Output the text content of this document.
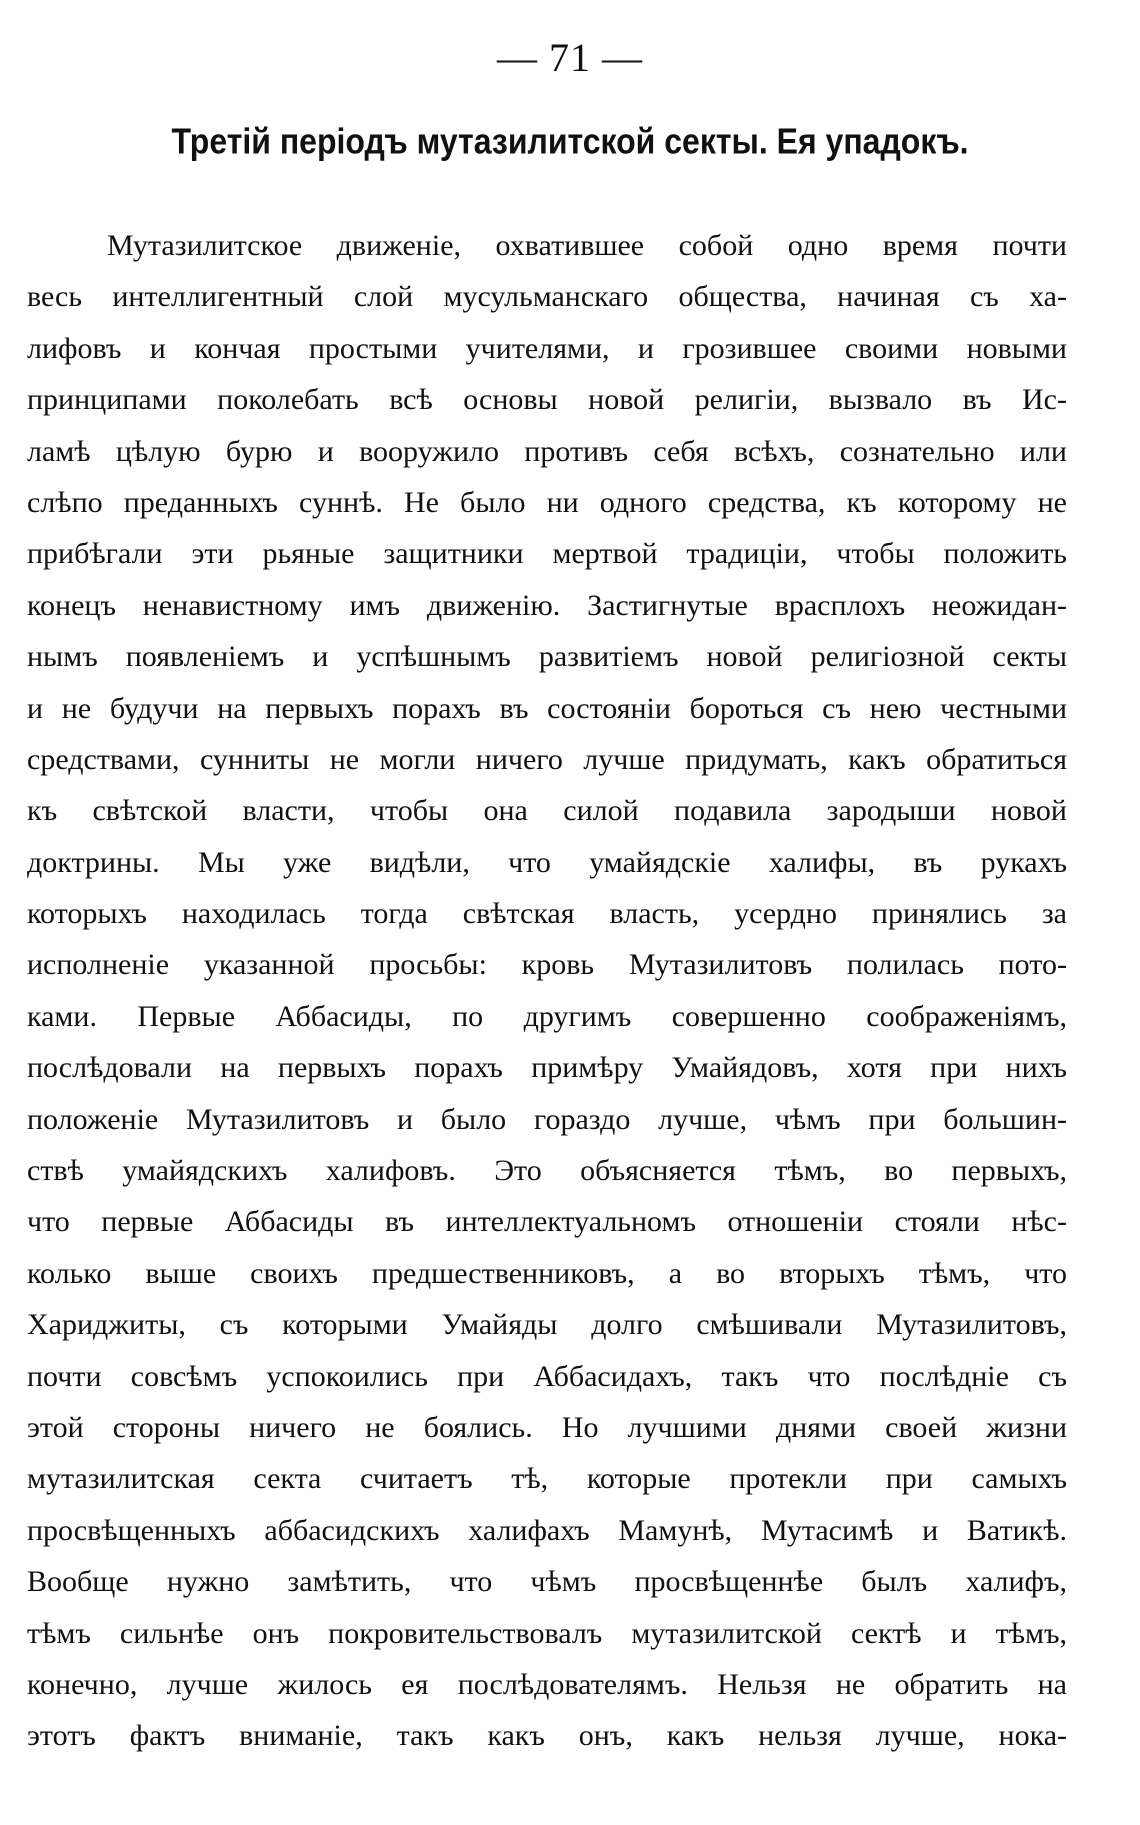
— 71 —
Третій періодъ мутазилитской секты. Ея упадокъ.
Мутазилитское движеніе, охватившее собой одно время почти
весь интеллигентный слой мусульманскаго общества, начиная съ ха-
лифовъ и кончая простыми учителями, и грозившее своими новыми
принципами поколебать всѣ основы новой религіи, вызвало въ Ис-
ламѣ цѣлую бурю и вооружило противъ себя всѣхъ, сознательно или
слѣпо преданныхъ суннѣ. Не было ни одного средства, къ которому не
прибѣгали эти рьяные защитники мертвой традиціи, чтобы положить
конецъ ненавистному имъ движенію. Застигнутые врасплохъ неожидан-
нымъ появленіемъ и успѣшнымъ развитіемъ новой религіозной секты
и не будучи на первыхъ порахъ въ состояніи бороться съ нею честными
средствами, сунниты не могли ничего лучше придумать, какъ обратиться
къ свѣтской власти, чтобы она силой подавила зародыши новой
доктрины. Мы уже видѣли, что умайядскіе халифы, въ рукахъ
которыхъ находилась тогда свѣтская власть, усердно принялись за
исполненіе указанной просьбы: кровь Мутазилитовъ полилась пото-
ками. Первые Аббасиды, по другимъ совершенно соображеніямъ,
послѣдовали на первыхъ порахъ примѣру Умайядовъ, хотя при нихъ
положеніе Мутазилитовъ и было гораздо лучше, чѣмъ при большин-
ствѣ умайядскихъ халифовъ. Это объясняется тѣмъ, во первыхъ,
что первые Аббасиды въ интеллектуальномъ отношеніи стояли нѣс-
колько выше своихъ предшественниковъ, а во вторыхъ тѣмъ, что
Хариджиты, съ которыми Умайяды долго смѣшивали Мутазилитовъ,
почти совсѣмъ успокоились при Аббасидахъ, такъ что послѣдніе съ
этой стороны ничего не боялись. Но лучшими днями своей жизни
мутазилитская секта считаетъ тѣ, которые протекли при самыхъ
просвѣщенныхъ аббасидскихъ халифахъ Мамунѣ, Мутасимѣ и Ватикѣ.
Вообще нужно замѣтить, что чѣмъ просвѣщеннѣе былъ халифъ,
тѣмъ сильнѣе онъ покровительствовалъ мутазилитской сектѣ и тѣмъ,
конечно, лучше жилось ея послѣдователямъ. Нельзя не обратить на
этотъ фактъ вниманіе, такъ какъ онъ, какъ нельзя лучше, нока-
